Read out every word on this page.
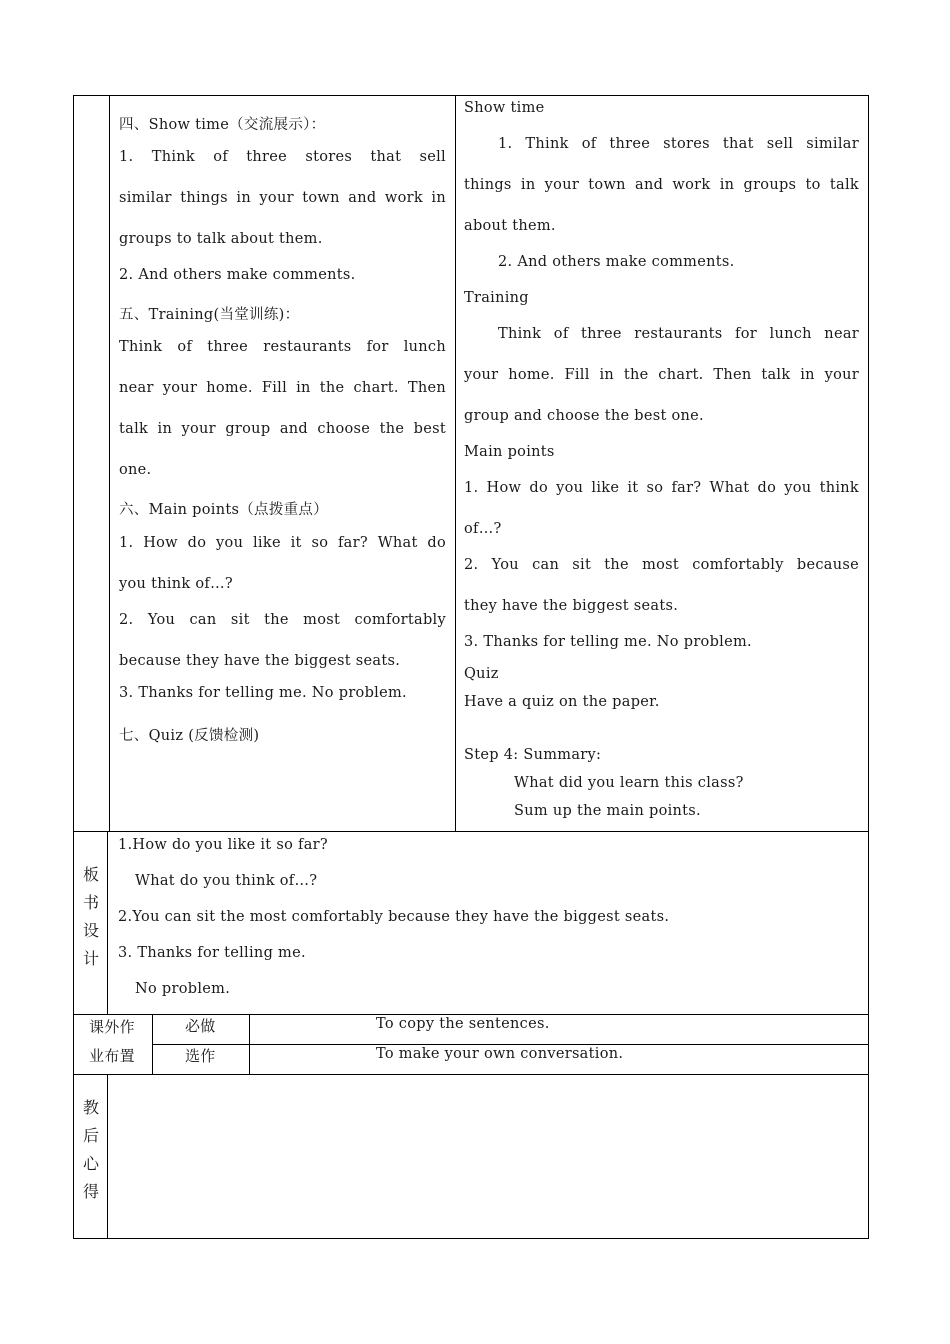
四、Show time（交流展示）：
1. Think of three stores that sell
similar things in your town and work in
groups to talk about them.
2. And others make comments.
五、Training(当堂训练)：
Think of three restaurants for lunch
near your home. Fill in the chart. Then
talk in your group and choose the best
one.
六、Main points（点拨重点）
1. How do you like it so far? What do
you think of…?
2. You can sit the most comfortably
because they have the biggest seats.
3. Thanks for telling me. No problem.
七、Quiz (反馈检测)
Show time
1. Think of three stores that sell similar
things in your town and work in groups to talk
about them.
2. And others make comments.
Training
Think of three restaurants for lunch near
your home. Fill in the chart. Then talk in your
group and choose the best one.
Main points
1. How do you like it so far? What do you think
of…?
2. You can sit the most comfortably because
they have the biggest seats.
3. Thanks for telling me. No problem.
Quiz
Have a quiz on the paper.
Step 4: Summary:
What did you learn this class?
Sum up the main points.
板书设计
1.How do you like it so far?
What do you think of…?
2.You can sit the most comfortably because they have the biggest seats.
3. Thanks for telling me.
No problem.
课外作
业布置
必做	To copy the sentences.
选作	To make your own conversation.
教后心得
